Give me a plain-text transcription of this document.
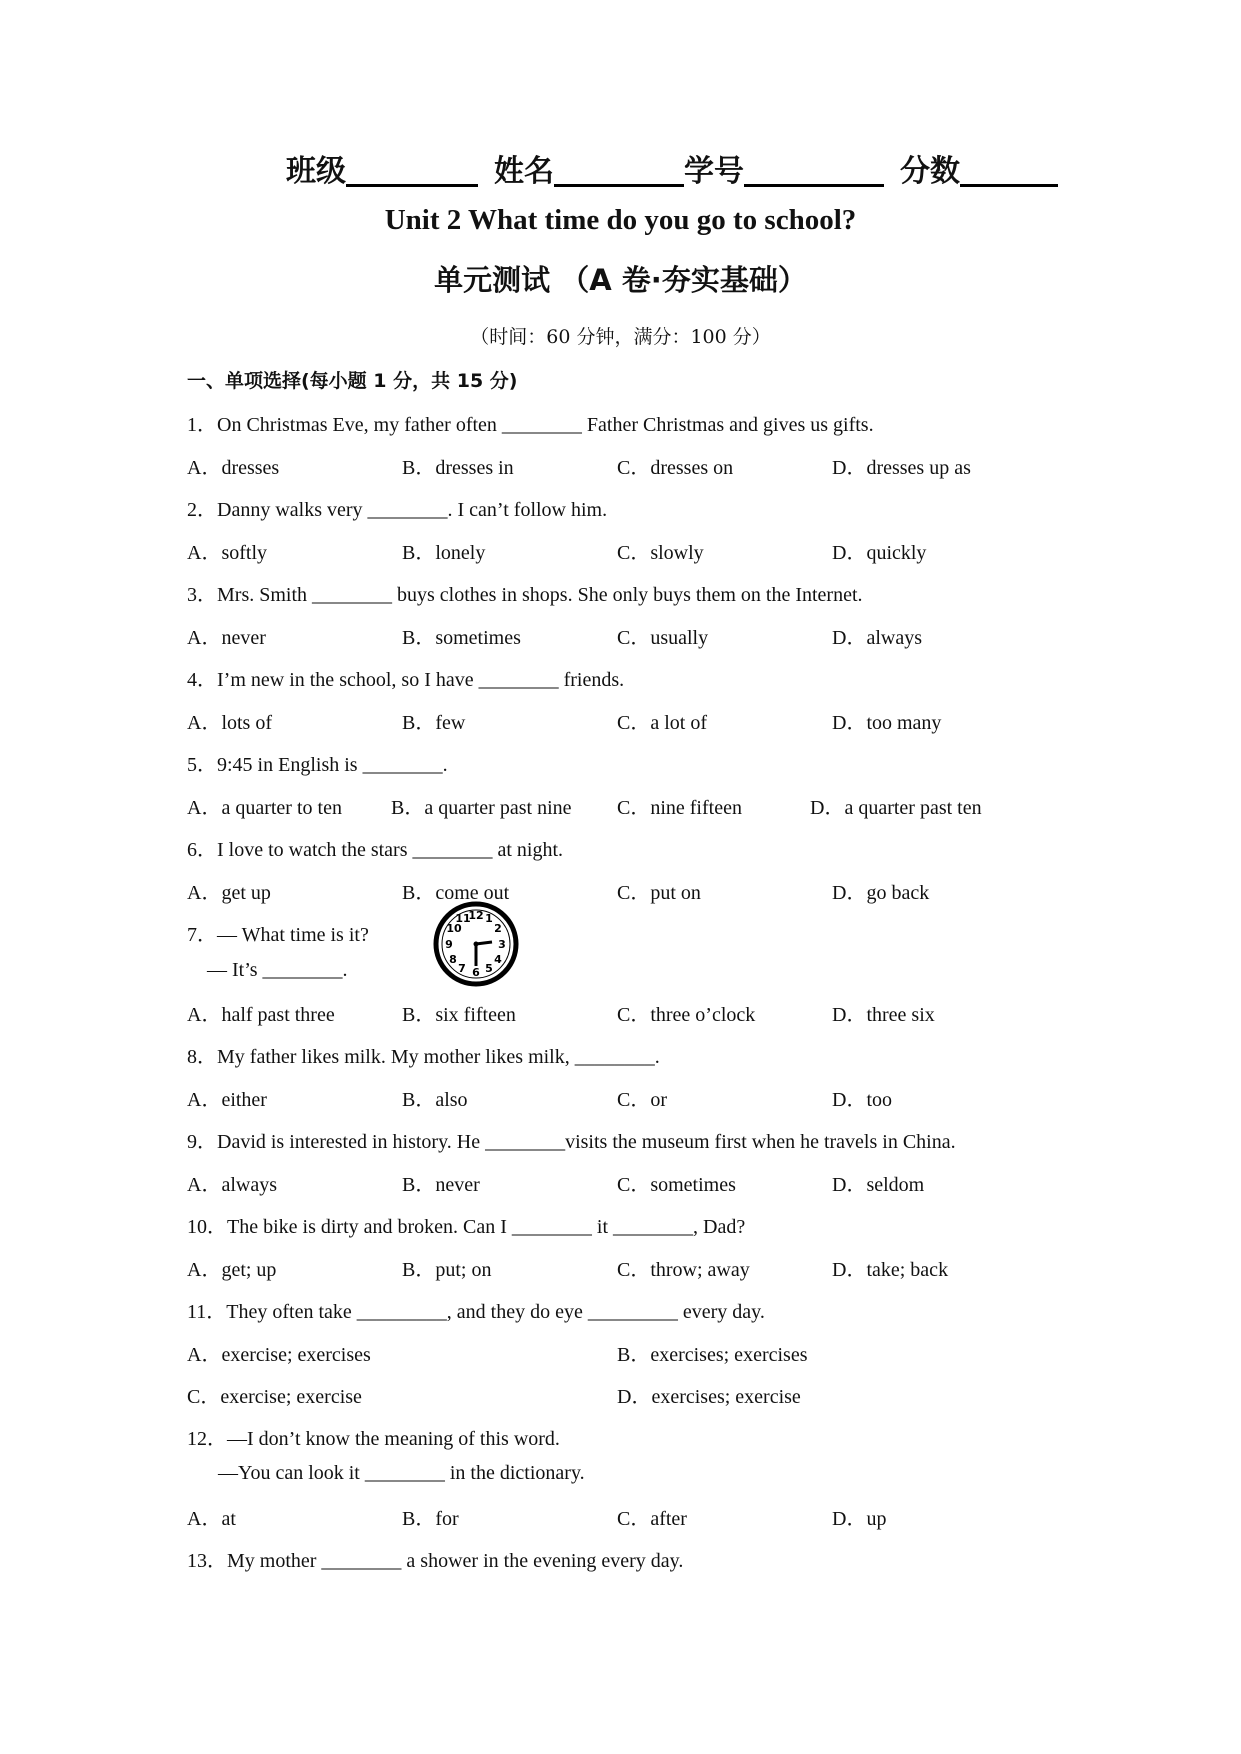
班级	姓名	学号	分数
Unit 2 What time do you go to school?
单元测试 （A 卷·夯实基础）
（时间：60 分钟，满分：100 分）
一、单项选择(每小题 1 分，共 15 分)
1．On Christmas Eve, my father often ________ Father Christmas and gives us gifts.
A．dresses	B．dresses in	C．dresses on	D．dresses up as
2．Danny walks very ________. I can’t follow him.
A．softly	B．lonely	C．slowly	D．quickly
3．Mrs. Smith ________ buys clothes in shops. She only buys them on the Internet.
A．never	B．sometimes	C．usually	D．always
4．I’m new in the school, so I have ________ friends.
A．lots of	B．few	C．a lot of	D．too many
5．9:45 in English is ________.
A．a quarter to ten B．a quarter past nine C．nine fifteen	D．a quarter past ten
6．I love to watch the stars ________ at night.
A．get up	B．come out	C．put on	D．go back
7．— What time is it?
— It’s ________.
12 1
2
3
4
5
6
7
8
9
10
11
A．half past three	B．six fifteen	C．three o’clock	D．three six
8．My father likes milk. My mother likes milk, ________.
A．either	B．also	C．or	D．too
9．David is interested in history. He ________visits the museum first when he travels in China.
A．always	B．never	C．sometimes	D．seldom
10．The bike is dirty and broken. Can I ________ it ________, Dad?
A．get; up	B．put; on	C．throw; away	D．take; back
11．They often take _________, and they do eye _________ every day.
A．exercise; exercises	B．exercises; exercises
C．exercise; exercise	D．exercises; exercise
12．—I don’t know the meaning of this word.
—You can look it ________ in the dictionary.
A．at	B．for	C．after	D．up
13．My mother ________ a shower in the evening every day.
